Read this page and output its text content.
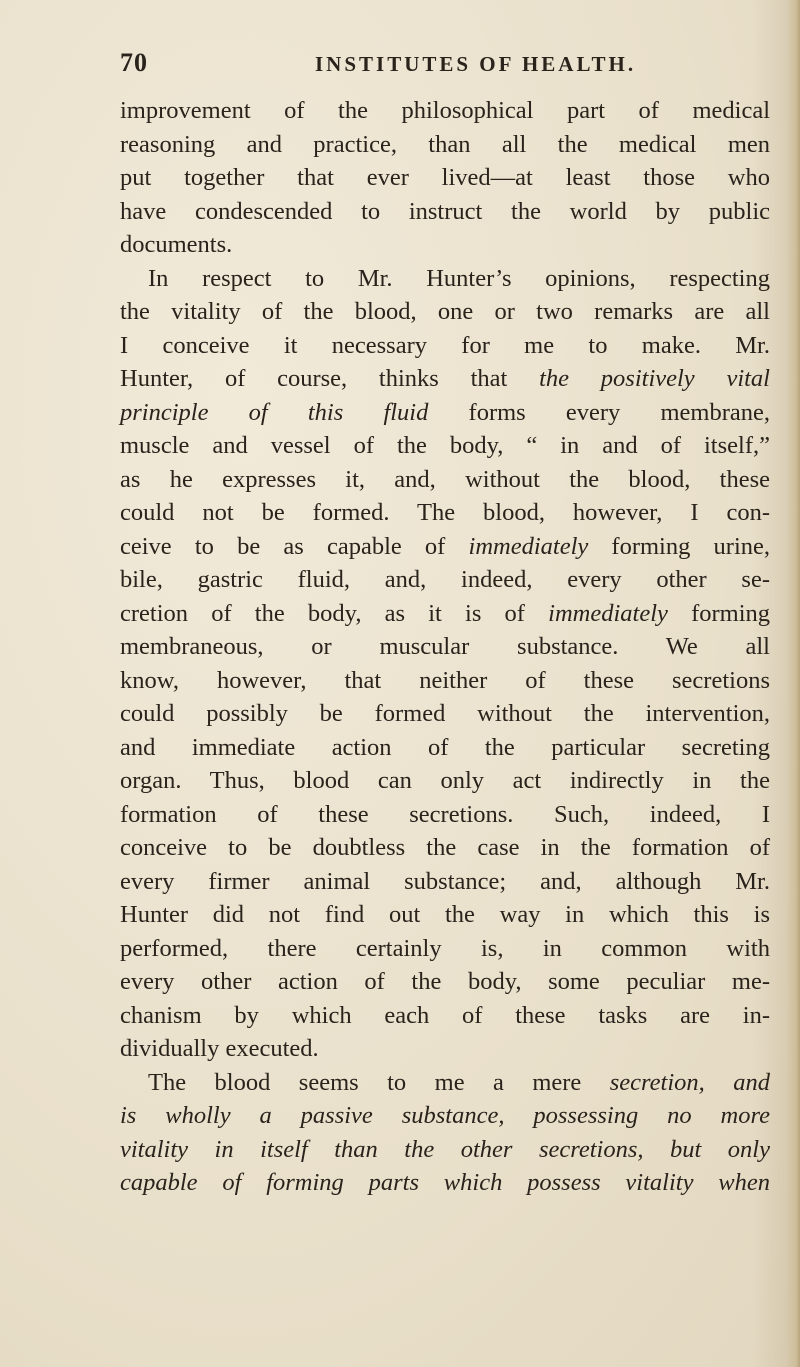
70	INSTITUTES OF HEALTH.
improvement of the philosophical part of medical
reasoning and practice, than all the medical men
put together that ever lived—at least those who
have condescended to instruct the world by public
documents.
In respect to Mr. Hunter’s opinions, respecting
the vitality of the blood, one or two remarks are all
I conceive it necessary for me to make. Mr.
Hunter, of course, thinks that the positively vital
principle of this fluid forms every membrane,
muscle and vessel of the body, “ in and of itself,”
as he expresses it, and, without the blood, these
could not be formed. The blood, however, I con-
ceive to be as capable of immediately forming urine,
bile, gastric fluid, and, indeed, every other se-
cretion of the body, as it is of immediately forming
membraneous, or muscular substance. We all
know, however, that neither of these secretions
could possibly be formed without the intervention,
and immediate action of the particular secreting
organ. Thus, blood can only act indirectly in the
formation of these secretions. Such, indeed, I
conceive to be doubtless the case in the formation of
every firmer animal substance; and, although Mr.
Hunter did not find out the way in which this is
performed, there certainly is, in common with
every other action of the body, some peculiar me-
chanism by which each of these tasks are in-
dividually executed.
The blood seems to me a mere secretion, and
is wholly a passive substance, possessing no more
vitality in itself than the other secretions, but only
capable of forming parts which possess vitality when
